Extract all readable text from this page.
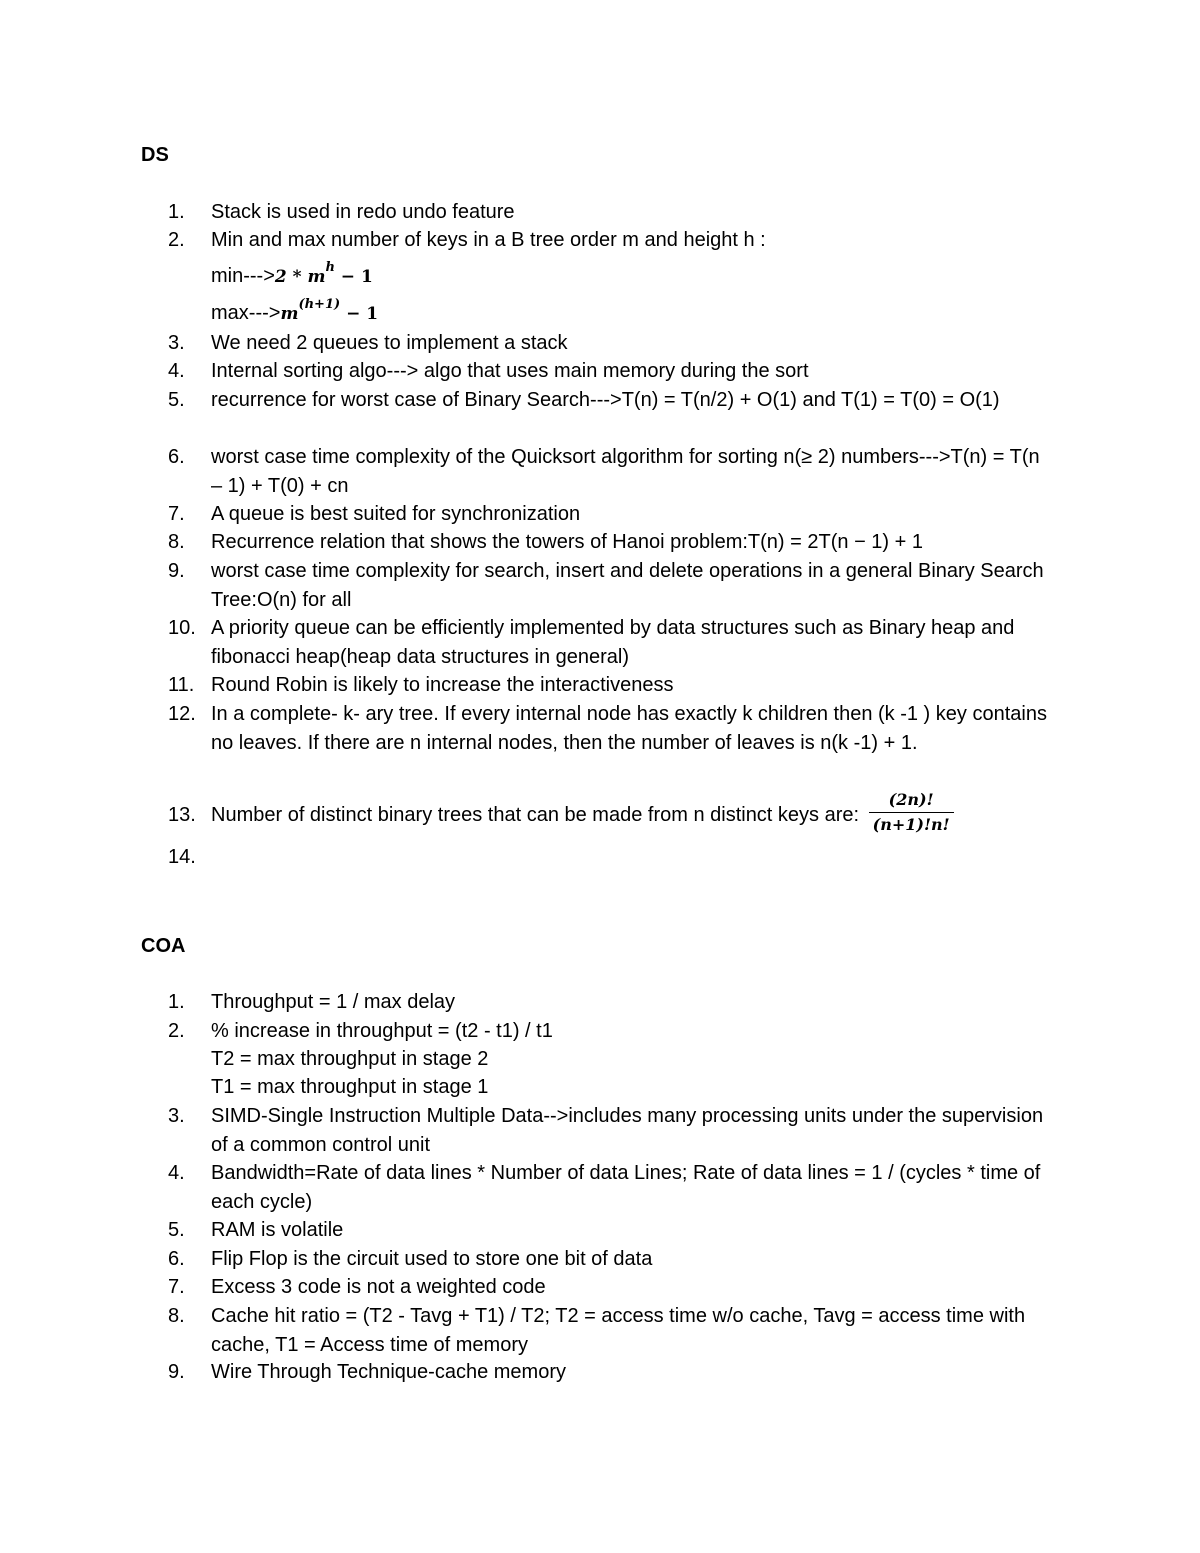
DS
1.	Stack is used in redo undo feature
2.	Min and max number of keys in a B tree order m and height h :
$\min--->2 * m^h - 1$
$\max--->m^{(h+1)} - 1$
3.	We need 2 queues to implement a stack
4.	Internal sorting algo---> algo that uses main memory during the sort
5.	recurrence for worst case of Binary Search--->T(n) = T(n/2) + O(1) and T(1) = T(0) = O(1)
6.	worst case time complexity of the Quicksort algorithm for sorting n(≥ 2) numbers--->T(n) = T(n – 1) + T(0) + cn
7.	A queue is best suited for synchronization
8.	Recurrence relation that shows the towers of Hanoi problem:T(n) = 2T(n − 1) + 1
9.	worst case time complexity for search, insert and delete operations in a general Binary Search Tree:O(n) for all
10. A priority queue can be efficiently implemented by data structures such as Binary heap and fibonacci heap(heap data structures in general)
11. Round Robin is likely to increase the interactiveness
12. In a complete- k- ary tree. If every internal node has exactly k children then (k -1 ) key contains no leaves. If there are n internal nodes, then the number of leaves is n(k -1) + 1.
13. Number of distinct binary trees that can be made from n distinct keys are: $\frac{(2n)!}{(n+1)!n!}$
14.
COA
1.	Throughput = 1 / max delay
2.	% increase in throughput = (t2 - t1) / t1
T2 = max throughput in stage 2
T1 = max throughput in stage 1
3.	SIMD-Single Instruction Multiple Data-->includes many processing units under the supervision of a common control unit
4.	Bandwidth=Rate of data lines * Number of data Lines; Rate of data lines = 1 / (cycles * time of each cycle)
5.	RAM is volatile
6.	Flip Flop is the circuit used to store one bit of data
7.	Excess 3 code is not a weighted code
8.	Cache hit ratio = (T2 - Tavg + T1) / T2; T2 = access time w/o cache, Tavg = access time with cache, T1 = Access time of memory
9.	Wire Through Technique-cache memory
